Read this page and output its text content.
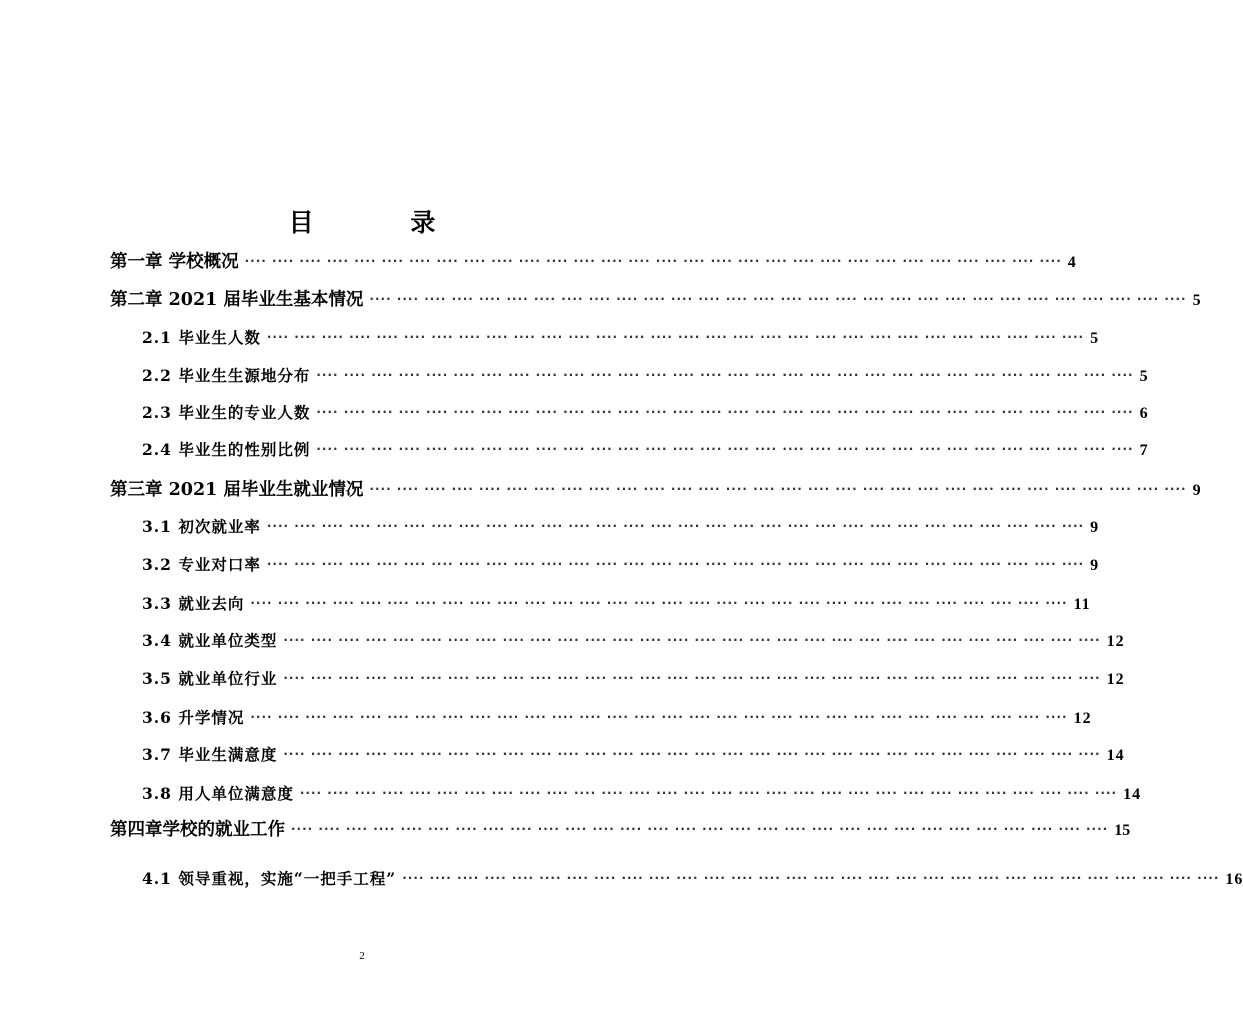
目 录
第一章 学校概况 ···· ···· ···· ···· ···· ···· ···· ···· ···· ···· ···· ···· ···· ···· ···· ···· ···· ···· ···· ···· ···· ···· ···· ···· ···· ···· ···· ···· ···· ···· 4
第二章 2021 届毕业生基本情况 ···· ···· ···· ···· ···· ···· ···· ···· ···· ···· ···· ···· ···· ···· ···· ···· ···· ···· ···· ···· ···· ···· ···· ···· ···· ···· ···· ···· ···· ···· 5
2.1 毕业生人数 ···· ···· ···· ···· ···· ···· ···· ···· ···· ···· ···· ···· ···· ···· ···· ···· ···· ···· ···· ···· ···· ···· ···· ···· ···· ···· ···· ···· ···· ···· 5
2.2 毕业生生源地分布 ···· ···· ···· ···· ···· ···· ···· ···· ···· ···· ···· ···· ···· ···· ···· ···· ···· ···· ···· ···· ···· ···· ···· ···· ···· ···· ···· ···· ···· ···· 5
2.3 毕业生的专业人数 ···· ···· ···· ···· ···· ···· ···· ···· ···· ···· ···· ···· ···· ···· ···· ···· ···· ···· ···· ···· ···· ···· ···· ···· ···· ···· ···· ···· ···· ···· 6
2.4 毕业生的性别比例 ···· ···· ···· ···· ···· ···· ···· ···· ···· ···· ···· ···· ···· ···· ···· ···· ···· ···· ···· ···· ···· ···· ···· ···· ···· ···· ···· ···· ···· ···· 7
第三章 2021 届毕业生就业情况 ···· ···· ···· ···· ···· ···· ···· ···· ···· ···· ···· ···· ···· ···· ···· ···· ···· ···· ···· ···· ···· ···· ···· ···· ···· ···· ···· ···· ···· ···· 9
3.1 初次就业率 ···· ···· ···· ···· ···· ···· ···· ···· ···· ···· ···· ···· ···· ···· ···· ···· ···· ···· ···· ···· ···· ···· ···· ···· ···· ···· ···· ···· ···· ···· 9
3.2 专业对口率 ···· ···· ···· ···· ···· ···· ···· ···· ···· ···· ···· ···· ···· ···· ···· ···· ···· ···· ···· ···· ···· ···· ···· ···· ···· ···· ···· ···· ···· ···· 9
3.3 就业去向 ···· ···· ···· ···· ···· ···· ···· ···· ···· ···· ···· ···· ···· ···· ···· ···· ···· ···· ···· ···· ···· ···· ···· ···· ···· ···· ···· ···· ···· ···· 11
3.4 就业单位类型 ···· ···· ···· ···· ···· ···· ···· ···· ···· ···· ···· ···· ···· ···· ···· ···· ···· ···· ···· ···· ···· ···· ···· ···· ···· ···· ···· ···· ···· ···· 12
3.5 就业单位行业 ···· ···· ···· ···· ···· ···· ···· ···· ···· ···· ···· ···· ···· ···· ···· ···· ···· ···· ···· ···· ···· ···· ···· ···· ···· ···· ···· ···· ···· ···· 12
3.6 升学情况 ···· ···· ···· ···· ···· ···· ···· ···· ···· ···· ···· ···· ···· ···· ···· ···· ···· ···· ···· ···· ···· ···· ···· ···· ···· ···· ···· ···· ···· ···· 12
3.7 毕业生满意度 ···· ···· ···· ···· ···· ···· ···· ···· ···· ···· ···· ···· ···· ···· ···· ···· ···· ···· ···· ···· ···· ···· ···· ···· ···· ···· ···· ···· ···· ···· 14
3.8 用人单位满意度 ···· ···· ···· ···· ···· ···· ···· ···· ···· ···· ···· ···· ···· ···· ···· ···· ···· ···· ···· ···· ···· ···· ···· ···· ···· ···· ···· ···· ···· ···· 14
第四章学校的就业工作 ···· ···· ···· ···· ···· ···· ···· ···· ···· ···· ···· ···· ···· ···· ···· ···· ···· ···· ···· ···· ···· ···· ···· ···· ···· ···· ···· ···· ···· ···· 15
4.1 领导重视，实施“一把手工程” ···· ···· ···· ···· ···· ···· ···· ···· ···· ···· ···· ···· ···· ···· ···· ···· ···· ···· ···· ···· ···· ···· ···· ···· ···· ···· ···· ···· ···· ···· 16
2
